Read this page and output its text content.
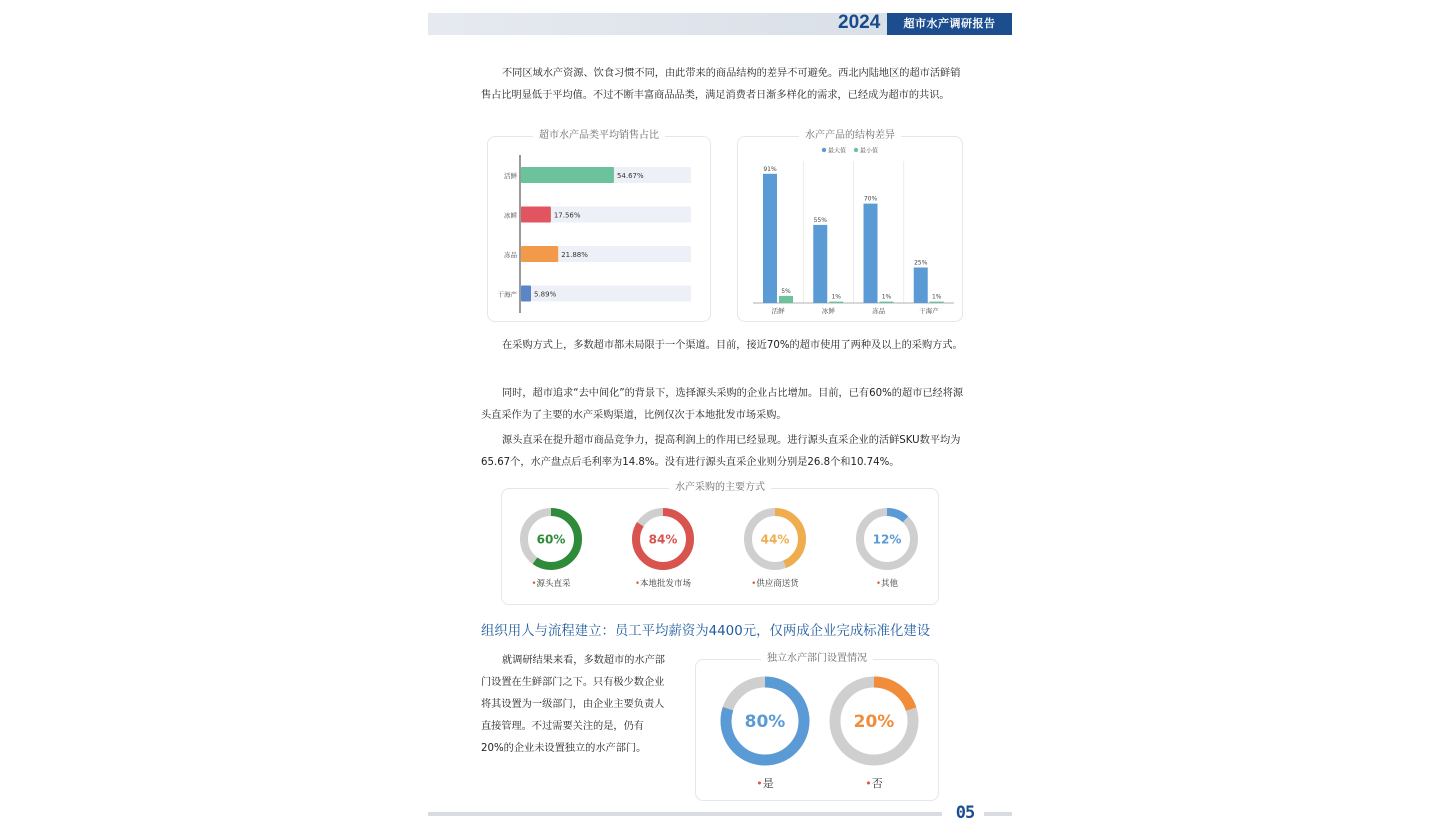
2024	超市水产调研报告

不同区域水产资源、饮食习惯不同，由此带来的商品结构的差异不可避免。西北内陆地区的超市活鲜销售占比明显低于平均值。不过不断丰富商品品类，满足消费者日渐多样化的需求，已经成为超市的共识。

超市水产品类平均销售占比
活鲜	54.67%
冰鲜	17.56%
冻品	21.88%
干海产 5.89%
水产产品的结构差异
最大值 最小值
91%
5%
活鲜
55%
1%
冰鲜
70%
1%
冻品
25%
1%
干海产

在采购方式上，多数超市都未局限于一个渠道。目前，接近70%的超市使用了两种及以上的采购方式。

同时，超市追求“去中间化”的背景下，选择源头采购的企业占比增加。目前，已有60%的超市已经将源头直采作为了主要的水产采购渠道，比例仅次于本地批发市场采购。

源头直采在提升超市商品竞争力，提高利润上的作用已经显现。进行源头直采企业的活鲜SKU数平均为65.67个，水产盘点后毛利率为14.8%。没有进行源头直采企业则分别是26.8个和10.74%。

水产采购的主要方式
60%
•源头直采
84%
•本地批发市场
44%
•供应商送货
12%
•其他
组织用人与流程建立：员工平均薪资为4400元，仅两成企业完成标准化建设

就调研结果来看，多数超市的水产部门设置在生鲜部门之下。只有极少数企业将其设置为一级部门，由企业主要负责人直接管理。不过需要关注的是，仍有20%的企业未设置独立的水产部门。

独立水产部门设置情况
80%
•是
20%
•否
05
